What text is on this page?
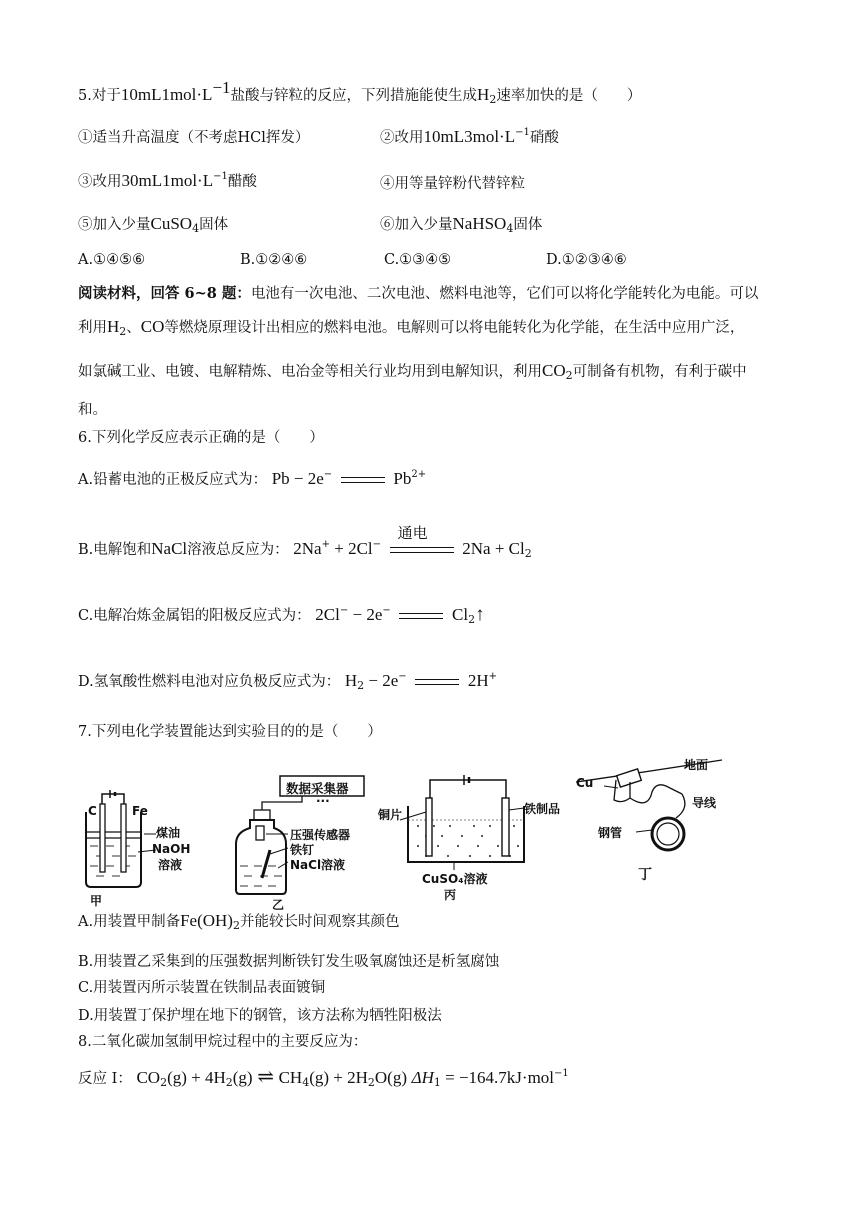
5.对于$10mL1mol\cdot L^{-1}$盐酸与锌粒的反应，下列措施能使生成$H_2$速率加快的是（　　）
①适当升高温度（不考虑HCl挥发）	②改用$10mL3mol\cdot L^{-1}$硝酸
③改用$30mL1mol\cdot L^{-1}$醋酸	④用等量锌粉代替锌粒
⑤加入少量CuSO$_4$固体	⑥加入少量NaHSO$_4$固体
A.①④⑤⑥	B.①②④⑥	C.①③④⑤	D.①②③④⑥
阅读材料，回答 6~8 题：电池有一次电池、二次电池、燃料电池等，它们可以将化学能转化为电能。可以
利用$H_2$、CO等燃烧原理设计出相应的燃料电池。电解则可以将电能转化为化学能，在生活中应用广泛，
如氯碱工业、电镀、电解精炼、电冶金等相关行业均用到电解知识，利用$CO_2$可制备有机物，有利于碳中
和。
6.下列化学反应表示正确的是（　　）
A.铅蓄电池的正极反应式为： Pb − 2e−	$Pb^{2+}$
B.电解饱和NaCl溶液总反应为： 2Na+ + 2Cl−
通电
$2Na + Cl_2$
C.电解冶炼金属铝的阳极反应式为： 2Cl− − 2e−	$Cl_2↑$
D.氢氧酸性燃料电池对应负极反应式为： $H_2 - 2e^-$	2H+
7.下列电化学装置能达到实验目的的是（　　）
C	Fe
煤油
NaOH
溶液
甲
数据采集器
···
压强传感器
铁钉
NaCl溶液
乙
铜片	铁制品
CuSO₄溶液
丙
Cu
地面
导线
钢管
丁
A.用装置甲制备$Fe(OH)_2$并能较长时间观察其颜色
B.用装置乙采集到的压强数据判断铁钉发生吸氧腐蚀还是析氢腐蚀
C.用装置丙所示装置在铁制品表面镀铜
D.用装置丁保护埋在地下的钢管，该方法称为牺牲阳极法
8.二氧化碳加氢制甲烷过程中的主要反应为：
反应 I： $CO_2(g) + 4H_2(g)$ ⇌ $CH_4(g) + 2H_2O(g) \Delta H_1 = -164.7kJ\cdot mol^{-1}$
